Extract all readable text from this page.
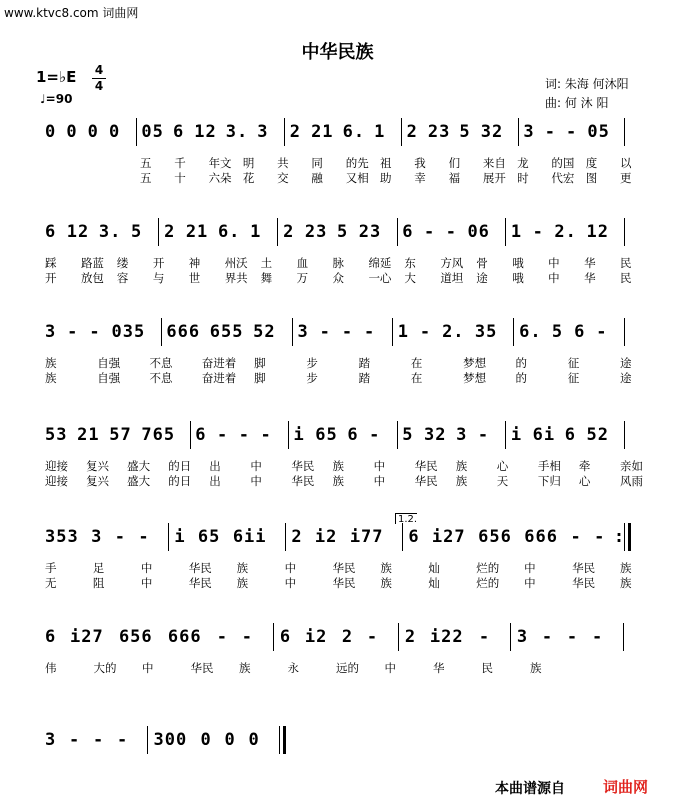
www.ktvc8.com 词曲网
中华民族
1=♭E 4
4
♩=90
词: 朱海 何沐阳
曲: 何 沐 阳
0 0 0 0 05 6 12 3. 3 2 21 6. 1 2 23 5 32 3 - - 05
五 千 年文 明 共 同 的先 祖 我 们 来自 龙 的国 度 以
五 十 六朵 花 交 融 又相 助 幸 福 展开 时 代宏 图 更
6 12 3. 5 2 21 6. 1 2 23 5 23 6 - - 06 1 - 2. 12
踩 路蓝 缕 开 神 州沃 土 血 脉 绵延 东 方风 骨 哦 中 华 民
开 放包 容 与 世 界共 舞 万 众 一心 大 道坦 途 哦 中 华 民
3 - - 035 666 655 52 3 - - - 1 - 2. 35 6. 5 6 -
族	自强	不息	奋进着 脚	步	踏	在	梦想	的	征	途
族	自强	不息	奋进着 脚	步	踏	在	梦想	的	征	途
53 21 57 765 6 - - - i 65 6 - 5 32 3 - i 6i 6 52
迎接 复兴 盛大 的日 出	中	华民 族	中	华民 族	心	手相 牵	亲如
迎接 复兴 盛大 的日 出	中	华民 族	中	华民 族	天	下归 心	风雨
353 3 - - i 65 6ii 2 i2 i77 6 i27 656 666 - - :
1.2.
手	足	中	华民 族	中	华民 族	灿	烂的 中	华民 族
无	阻	中	华民 族	中	华民 族	灿	烂的 中	华民 族
6 i27 656 666 - - 6 i2 2 - 2 i22 - 3 - - -
伟	大的 中	华民 族	永	远的 中	华	民	族
3 - - - 300 0 0 0
本曲谱源自	词曲网
